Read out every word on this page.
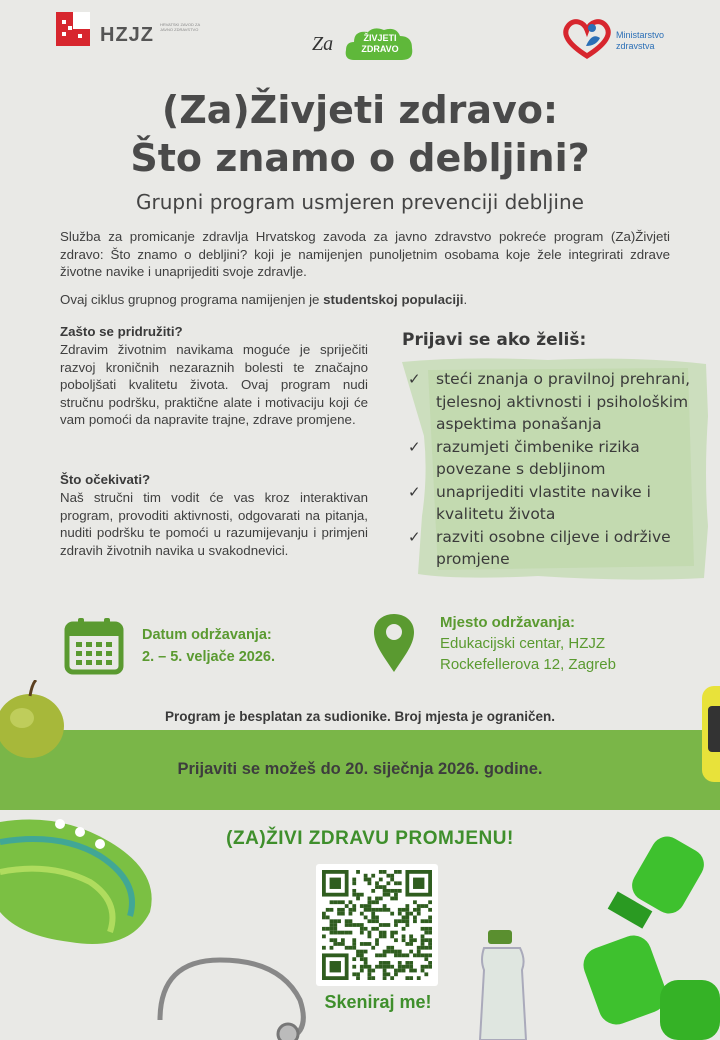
HZJZ HRVATSKI ZAVOD ZA JAVNO ZDRAVSTVO
Za	ŽIVJETI ZDRAVO
Ministarstvo zdravstva
(Za)Živjeti zdravo:
Što znamo o debljini?
Grupni program usmjeren prevenciji debljine

Služba za promicanje zdravlja Hrvatskog zavoda za javno zdravstvo pokreće program (Za)Živjeti zdravo: Što znamo o debljini? koji je namijenjen punoljetnim osobama koje žele integrirati zdrave životne navike i unaprijediti svoje zdravlje.

Ovaj ciklus grupnog programa namijenjen je studentskoj populaciji.

Zašto se pridružiti?

Zdravim životnim navikama moguće je spriječiti razvoj kroničnih nezaraznih bolesti te značajno poboljšati kvalitetu života. Ovaj program nudi stručnu podršku, praktične alate i motivaciju koji će vam pomoći da napravite trajne, zdrave promjene.

Što očekivati?

Naš stručni tim vodit će vas kroz interaktivan program, provoditi aktivnosti, odgovarati na pitanja, nuditi podršku te pomoći u razumijevanju i primjeni zdravih životnih navika u svakodnevici.

Prijavi se ako želiš:
✓ steći znanja o pravilnoj prehrani,
tjelesnoj aktivnosti i psihološkim
aspektima ponašanja
✓ razumjeti čimbenike rizika
povezane s debljinom
✓ unaprijediti vlastite navike i
kvalitetu života
✓ razviti osobne ciljeve i održive
promjene
Datum održavanja:
2. – 5. veljače 2026.
Mjesto održavanja:
Edukacijski centar, HZJZ
Rockefellerova 12, Zagreb
Program je besplatan za sudionike. Broj mjesta je ograničen.
Prijaviti se možeš do 20. siječnja 2026. godine.
(ZA)ŽIVI ZDRAVU PROMJENU!
Skeniraj me!
